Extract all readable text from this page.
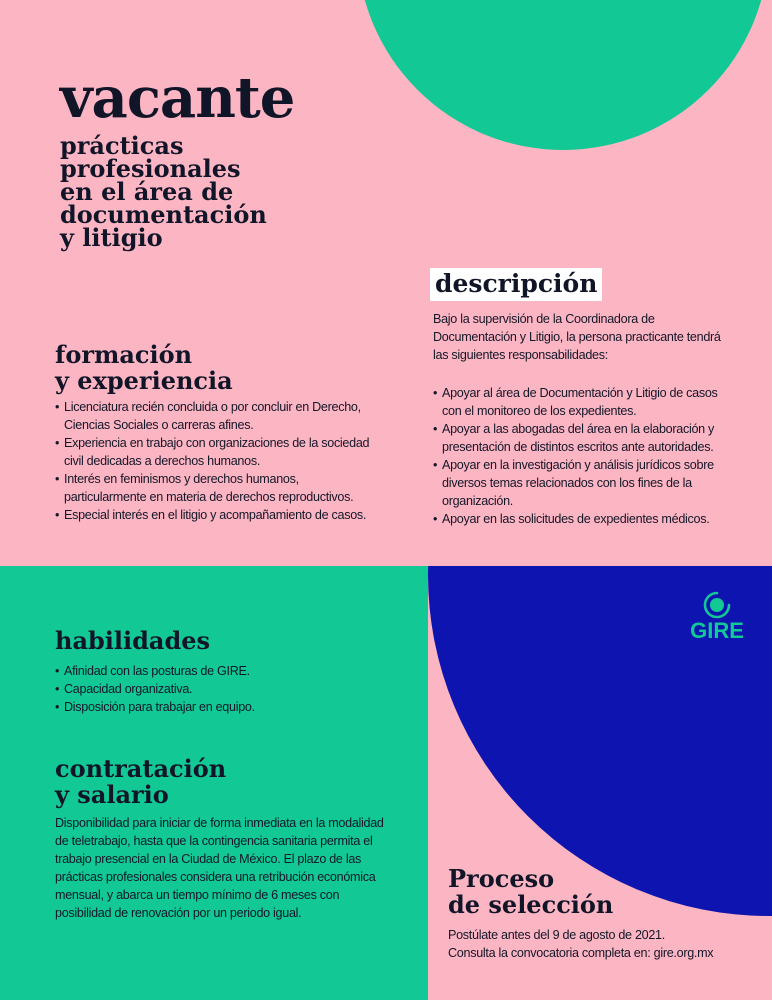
vacante
prácticas
profesionales
en el área de
documentación
y litigio
descripción

Bajo la supervisión de la Coordinadora de Documentación y Litigio, la persona practicante tendrá las siguientes responsabilidades:

• Apoyar al área de Documentación y Litigio de casos con el monitoreo de los expedientes.
• Apoyar a las abogadas del área en la elaboración y presentación de distintos escritos ante autoridades.
• Apoyar en la investigación y análisis jurídicos sobre diversos temas relacionados con los fines de la organización.
• Apoyar en las solicitudes de expedientes médicos.
formación
y experiencia
• Licenciatura recién concluida o por concluir en Derecho, Ciencias Sociales o carreras afines.
• Experiencia en trabajo con organizaciones de la sociedad civil dedicadas a derechos humanos.
• Interés en feminismos y derechos humanos, particularmente en materia de derechos reproductivos.
• Especial interés en el litigio y acompañamiento de casos.
habilidades
• Afinidad con las posturas de GIRE.
• Capacidad organizativa.
• Disposición para trabajar en equipo.
contratación
y salario

Disponibilidad para iniciar de forma inmediata en la modalidad de teletrabajo, hasta que la contingencia sanitaria permita el trabajo presencial en la Ciudad de México. El plazo de las prácticas profesionales considera una retribución económica mensual, y abarca un tiempo mínimo de 6 meses con posibilidad de renovación por un periodo igual.

GIRE
Proceso
de selección

Postúlate antes del 9 de agosto de 2021.

Consulta la convocatoria completa en: gire.org.mx
